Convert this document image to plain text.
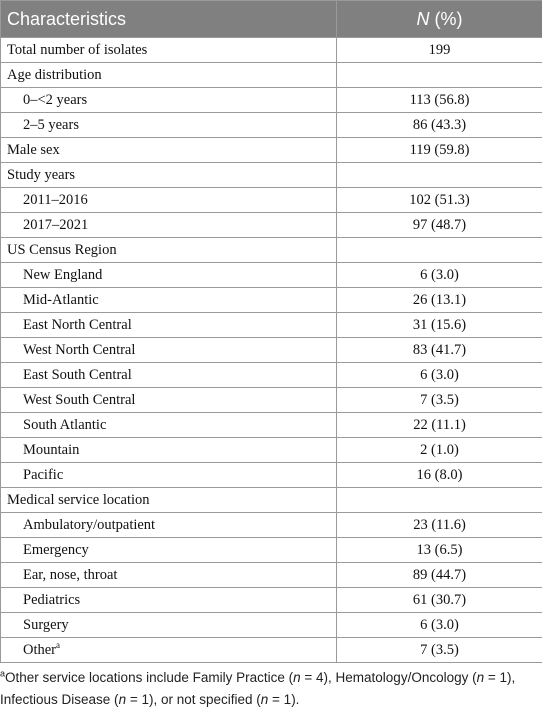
Characteristics	N (%)
Total number of isolates	199
Age distribution	
0–<2 years	113 (56.8)
2–5 years	86 (43.3)
Male sex	119 (59.8)
Study years	
2011–2016	102 (51.3)
2017–2021	97 (48.7)
US Census Region	
New England	6 (3.0)
Mid-Atlantic	26 (13.1)
East North Central	31 (15.6)
West North Central	83 (41.7)
East South Central	6 (3.0)
West South Central	7 (3.5)
South Atlantic	22 (11.1)
Mountain	2 (1.0)
Pacific	16 (8.0)
Medical service location	
Ambulatory/outpatient	23 (11.6)
Emergency	13 (6.5)
Ear, nose, throat	89 (44.7)
Pediatrics	61 (30.7)
Surgery	6 (3.0)
Other$^a$	7 (3.5)

$^a$Other service locations include Family Practice (n = 4), Hematology/Oncology (n = 1), Infectious Disease (n = 1), or not specified (n = 1).
